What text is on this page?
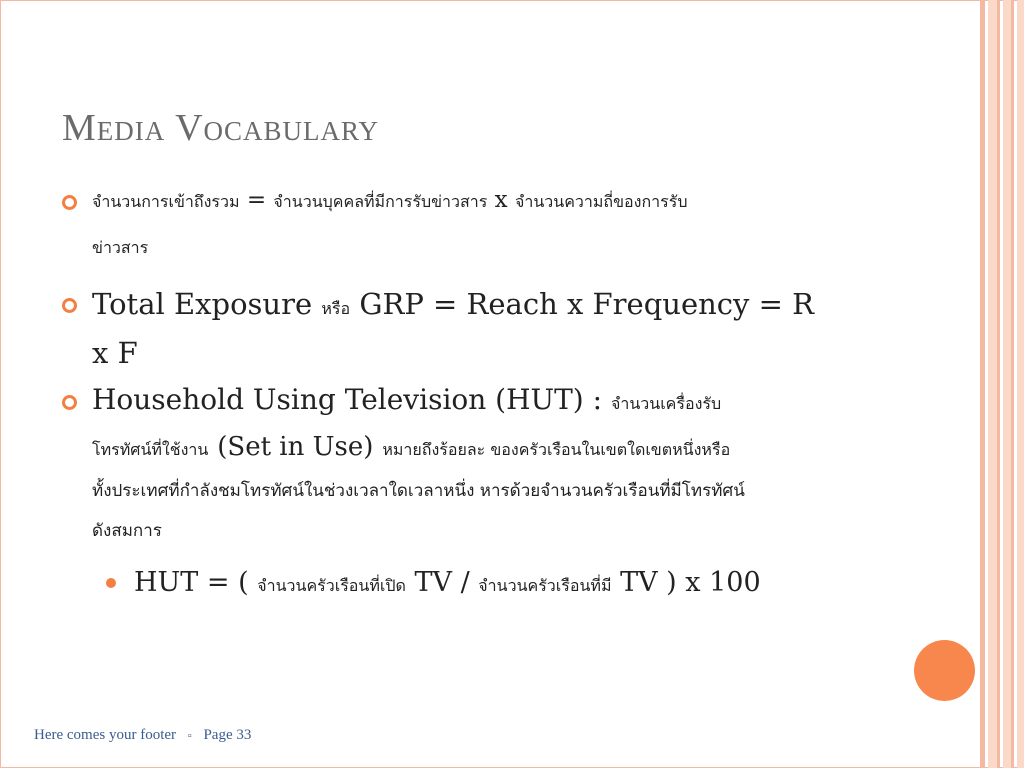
Media Vocabulary
จำนวนการเข้าถึงรวม = จำนวนบุคคลที่มีการรับข่าวสาร x จำนวนความถี่ของการรับ
ข่าวสาร
Total Exposure หรือ GRP = Reach x Frequency = R
x F
Household Using Television (HUT) : จำนวนเครื่องรับ
โทรทัศน์ที่ใช้งาน (Set in Use) หมายถึงร้อยละ ของครัวเรือนในเขตใดเขตหนึ่งหรือ
ทั้งประเทศที่กำลังชมโทรทัศน์ในช่วงเวลาใดเวลาหนึ่ง หารด้วยจำนวนครัวเรือนที่มีโทรทัศน์
ดังสมการ
HUT = ( จำนวนครัวเรือนที่เปิด TV / จำนวนครัวเรือนที่มี TV ) x 100
Here comes your footer ▫ Page 33
